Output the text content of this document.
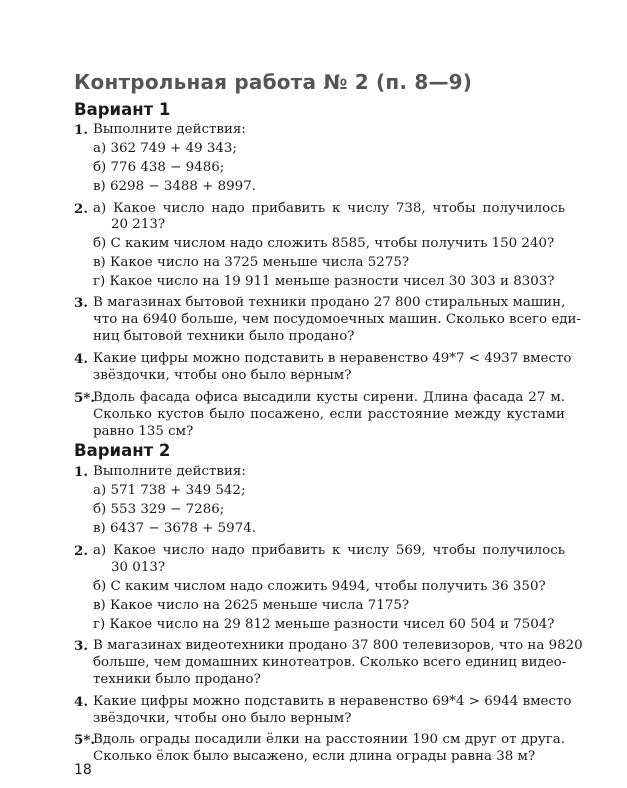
Контрольная работа № 2 (п. 8—9)
Вариант 1
1. Выполните действия:
а) 362 749 + 49 343;
б) 776 438 − 9486;
в) 6298 − 3488 + 8997.
2. а) Какое число надо прибавить к числу 738, чтобы получилось
20 213?
б) С каким числом надо сложить 8585, чтобы получить 150 240?
в) Какое число на 3725 меньше числа 5275?
г) Какое число на 19 911 меньше разности чисел 30 303 и 8303?
3. В магазинах бытовой техники продано 27 800 стиральных машин,
что на 6940 больше, чем посудомоечных машин. Сколько всего еди-
ниц бытовой техники было продано?
4. Какие цифры можно подставить в неравенство 49*7 < 4937 вместо
звёздочки, чтобы оно было верным?
5*.
Вдоль фасада офиса высадили кусты сирени. Длина фасада 27 м.
Сколько кустов было посажено, если расстояние между кустами
равно 135 см?
Вариант 2
1. Выполните действия:
а) 571 738 + 349 542;
б) 553 329 − 7286;
в) 6437 − 3678 + 5974.
2. а) Какое число надо прибавить к числу 569, чтобы получилось
30 013?
б) С каким числом надо сложить 9494, чтобы получить 36 350?
в) Какое число на 2625 меньше числа 7175?
г) Какое число на 29 812 меньше разности чисел 60 504 и 7504?
3. В магазинах видеотехники продано 37 800 телевизоров, что на 9820
больше, чем домашних кинотеатров. Сколько всего единиц видео-
техники было продано?
4. Какие цифры можно подставить в неравенство 69*4 > 6944 вместо
звёздочки, чтобы оно было верным?
5*.
Вдоль ограды посадили ёлки на расстоянии 190 см друг от друга.
Сколько ёлок было высажено, если длина ограды равна 38 м?
18
